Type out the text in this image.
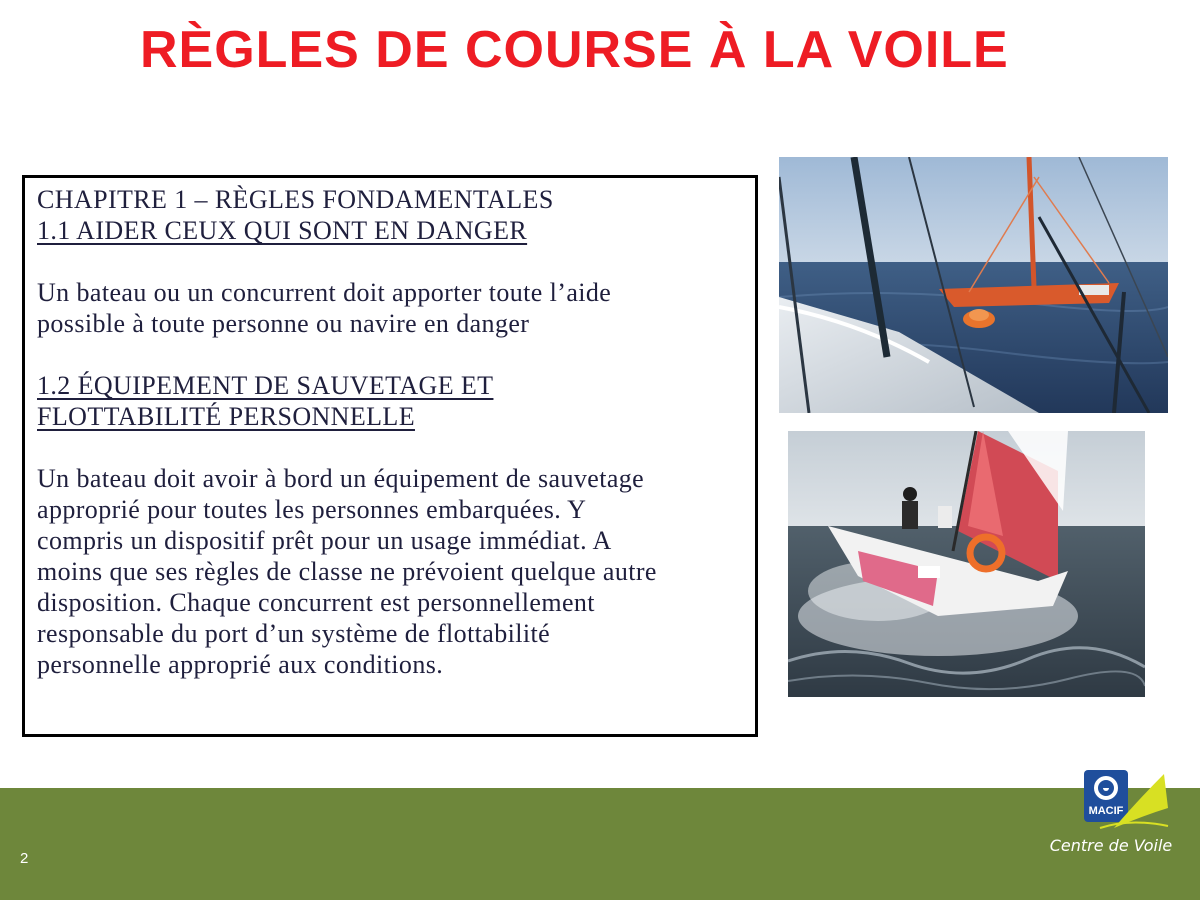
RÈGLES DE COURSE À LA VOILE

CHAPITRE 1 – RÈGLES FONDAMENTALES

1.1 AIDER CEUX QUI SONT EN DANGER

Un bateau ou un concurrent doit apporter toute l’aide

possible à toute personne ou navire en danger

1.2 ÉQUIPEMENT DE SAUVETAGE ET

FLOTTABILITÉ PERSONNELLE

Un bateau doit avoir à bord un équipement de sauvetage

approprié pour toutes les personnes embarquées. Y

compris un dispositif prêt pour un usage immédiat. A

moins que ses règles de classe ne prévoient quelque autre

disposition. Chaque concurrent est personnellement

responsable du port d’un système de flottabilité

personnelle approprié aux conditions.

2
MACIF
Centre de Voile
